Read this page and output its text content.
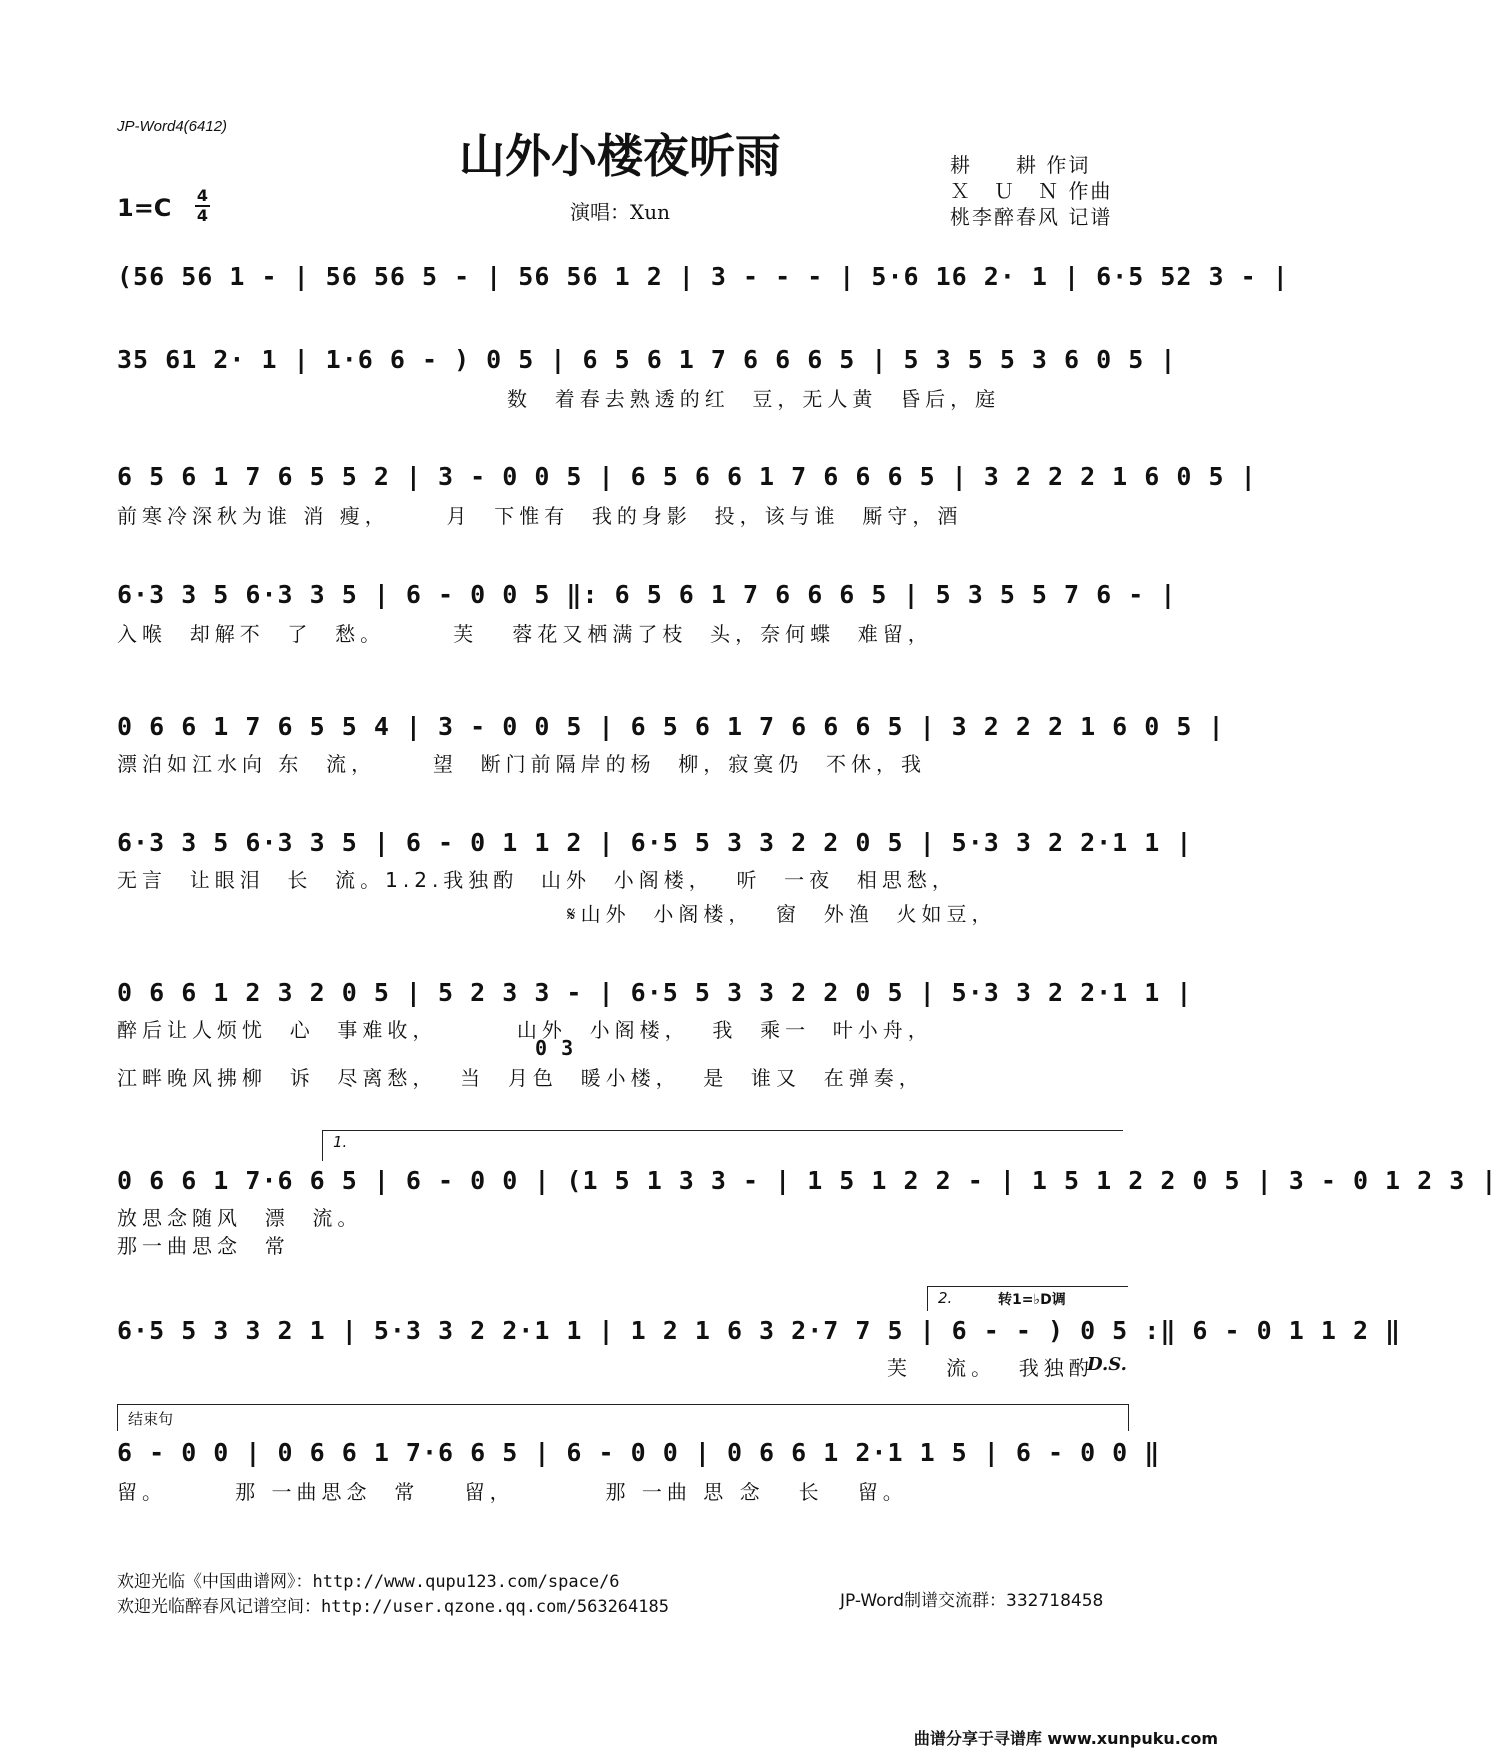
JP-Word4(6412)
山外小楼夜听雨
1=C 4
4	演唱：Xun
耕　　耕 作词
Ｘ　Ｕ　Ｎ 作曲
桃李醉春风 记谱
(56 56 1 - | 56 56 5 - | 56 56 1 2 | 3 - - - | 5·6 16 2· 1 | 6·5 52 3 - |
35 61 2· 1 | 1·6 6 - ) 0 5 | 6 5 6 1 7 6 6 6 5 | 5 3 5 5 3 6 0 5 |
数  着春去熟透的红  豆，无人黄  昏后，庭
6 5 6 1 7 6 5 5 2 | 3 - 0 0 5 | 6 5 6 6 1 7 6 6 6 5 | 3 2 2 2 1 6 0 5 |
前寒冷深秋为谁 消 瘦，     月  下惟有  我的身影  投，该与谁  厮守，酒
6·3 3 5 6·3 3 5 | 6 - 0 0 5 ‖: 6 5 6 1 7 6 6 6 5 | 5 3 5 5 7 6 - |
入喉  却解不  了  愁。      芙   蓉花又栖满了枝  头，奈何蝶  难留，
0 6 6 1 7 6 5 5 4 | 3 - 0 0 5 | 6 5 6 1 7 6 6 6 5 | 3 2 2 2 1 6 0 5 |
漂泊如江水向 东  流，     望  断门前隔岸的杨  柳，寂寞仍  不休，我
6·3 3 5 6·3 3 5 | 6 - 0 1 1 2 | 6·5 5 3 3 2 2 0 5 | 5·3 3 2 2·1 1 |
无言  让眼泪  长  流。1.2.我独酌  山外  小阁楼，  听  一夜  相思愁，
𝄋山外  小阁楼，  窗  外渔  火如豆，
0 6 6 1 2 3 2 0 5 | 5 2 3 3 - | 6·5 5 3 3 2 2 0 5 | 5·3 3 2 2·1 1 |
0 3
醉后让人烦忧  心  事难收，       山外  小阁楼，  我  乘一  叶小舟，
江畔晚风拂柳  诉  尽离愁，  当  月色  暖小楼，  是  谁又  在弹奏，
1.
0 6 6 1 7·6 6 5 | 6 - 0 0 | (1 5 1 3 3 - | 1 5 1 2 2 - | 1 5 1 2 2 0 5 | 3 - 0 1 2 3 |
放思念随风  漂  流。
那一曲思念  常
2.	转1=♭D调
6·5 5 3 3 2 1 | 5·3 3 2 2·1 1 | 1 2 1 6 3 2·7 7 5 | 6 - - ) 0 5 :‖ 6 - 0 1 1 2 ‖
芙   流。  我独酌
D.S.
结束句
6 - 0 0 | 0 6 6 1 7·6 6 5 | 6 - 0 0 | 0 6 6 1 2·1 1 5 | 6 - 0 0 ‖
留。      那 一曲思念  常    留，        那 一曲 思 念   长   留。
欢迎光临《中国曲谱网》：http://www.qupu123.com/space/6
欢迎光临醉春风记谱空间：http://user.qzone.qq.com/563264185	JP-Word制谱交流群：332718458
曲谱分享于寻谱库 www.xunpuku.com
